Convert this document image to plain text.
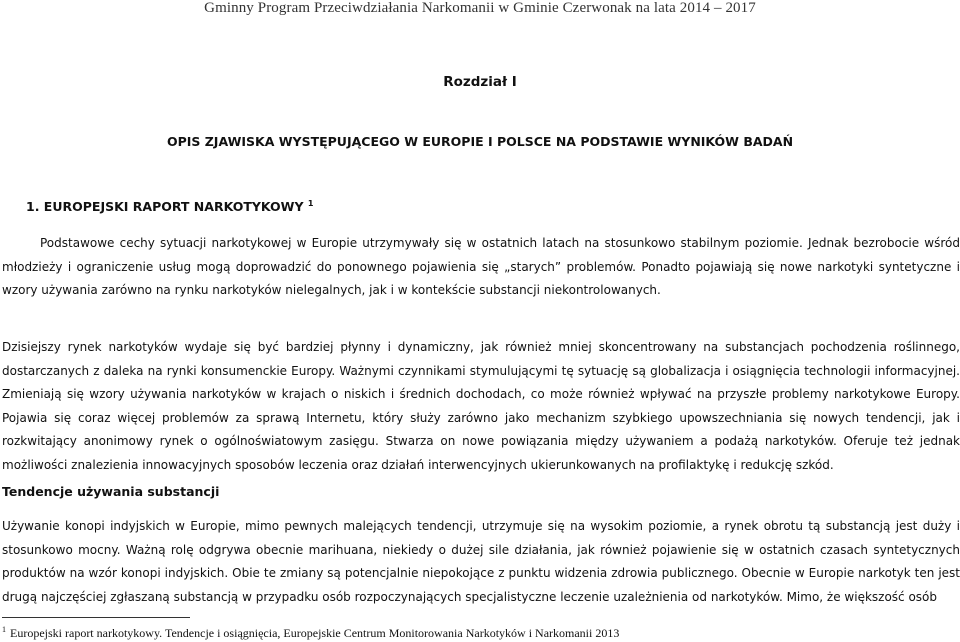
Gminny Program Przeciwdziałania Narkomanii w Gminie Czerwonak na lata 2014 – 2017
Rozdział I
OPIS ZJAWISKA WYSTĘPUJĄCEGO W EUROPIE I POLSCE NA PODSTAWIE WYNIKÓW BADAŃ
1. EUROPEJSKI RAPORT NARKOTYKOWY $^1$
Podstawowe cechy sytuacji narkotykowej w Europie utrzymywały się w ostatnich latach na stosunkowo stabilnym poziomie. Jednak bezrobocie wśród młodzieży i ograniczenie usług mogą doprowadzić do ponownego pojawienia się „starych” problemów. Ponadto pojawiają się nowe narkotyki syntetyczne i wzory używania zarówno na rynku narkotyków nielegalnych, jak i w kontekście substancji niekontrolowanych.
Dzisiejszy rynek narkotyków wydaje się być bardziej płynny i dynamiczny, jak również mniej skoncentrowany na substancjach pochodzenia roślinnego, dostarczanych z daleka na rynki konsumenckie Europy. Ważnymi czynnikami stymulującymi tę sytuację są globalizacja i osiągnięcia technologii informacyjnej. Zmieniają się wzory używania narkotyków w krajach o niskich i średnich dochodach, co może również wpływać na przyszłe problemy narkotykowe Europy. Pojawia się coraz więcej problemów za sprawą Internetu, który służy zarówno jako mechanizm szybkiego upowszechniania się nowych tendencji, jak i rozkwitający anonimowy rynek o ogólnoświatowym zasięgu. Stwarza on nowe powiązania między używaniem a podażą narkotyków. Oferuje też jednak możliwości znalezienia innowacyjnych sposobów leczenia oraz działań interwencyjnych ukierunkowanych na profilaktykę i redukcję szkód.
Tendencje używania substancji
Używanie konopi indyjskich w Europie, mimo pewnych malejących tendencji, utrzymuje się na wysokim poziomie, a rynek obrotu tą substancją jest duży i stosunkowo mocny. Ważną rolę odgrywa obecnie marihuana, niekiedy o dużej sile działania, jak również pojawienie się w ostatnich czasach syntetycznych produktów na wzór konopi indyjskich. Obie te zmiany są potencjalnie niepokojące z punktu widzenia zdrowia publicznego. Obecnie w Europie narkotyk ten jest drugą najczęściej zgłaszaną substancją w przypadku osób rozpoczynających specjalistyczne leczenie uzależnienia od narkotyków. Mimo, że większość osób
$^1$ Europejski raport narkotykowy. Tendencje i osiągnięcia, Europejskie Centrum Monitorowania Narkotyków i Narkomanii 2013
